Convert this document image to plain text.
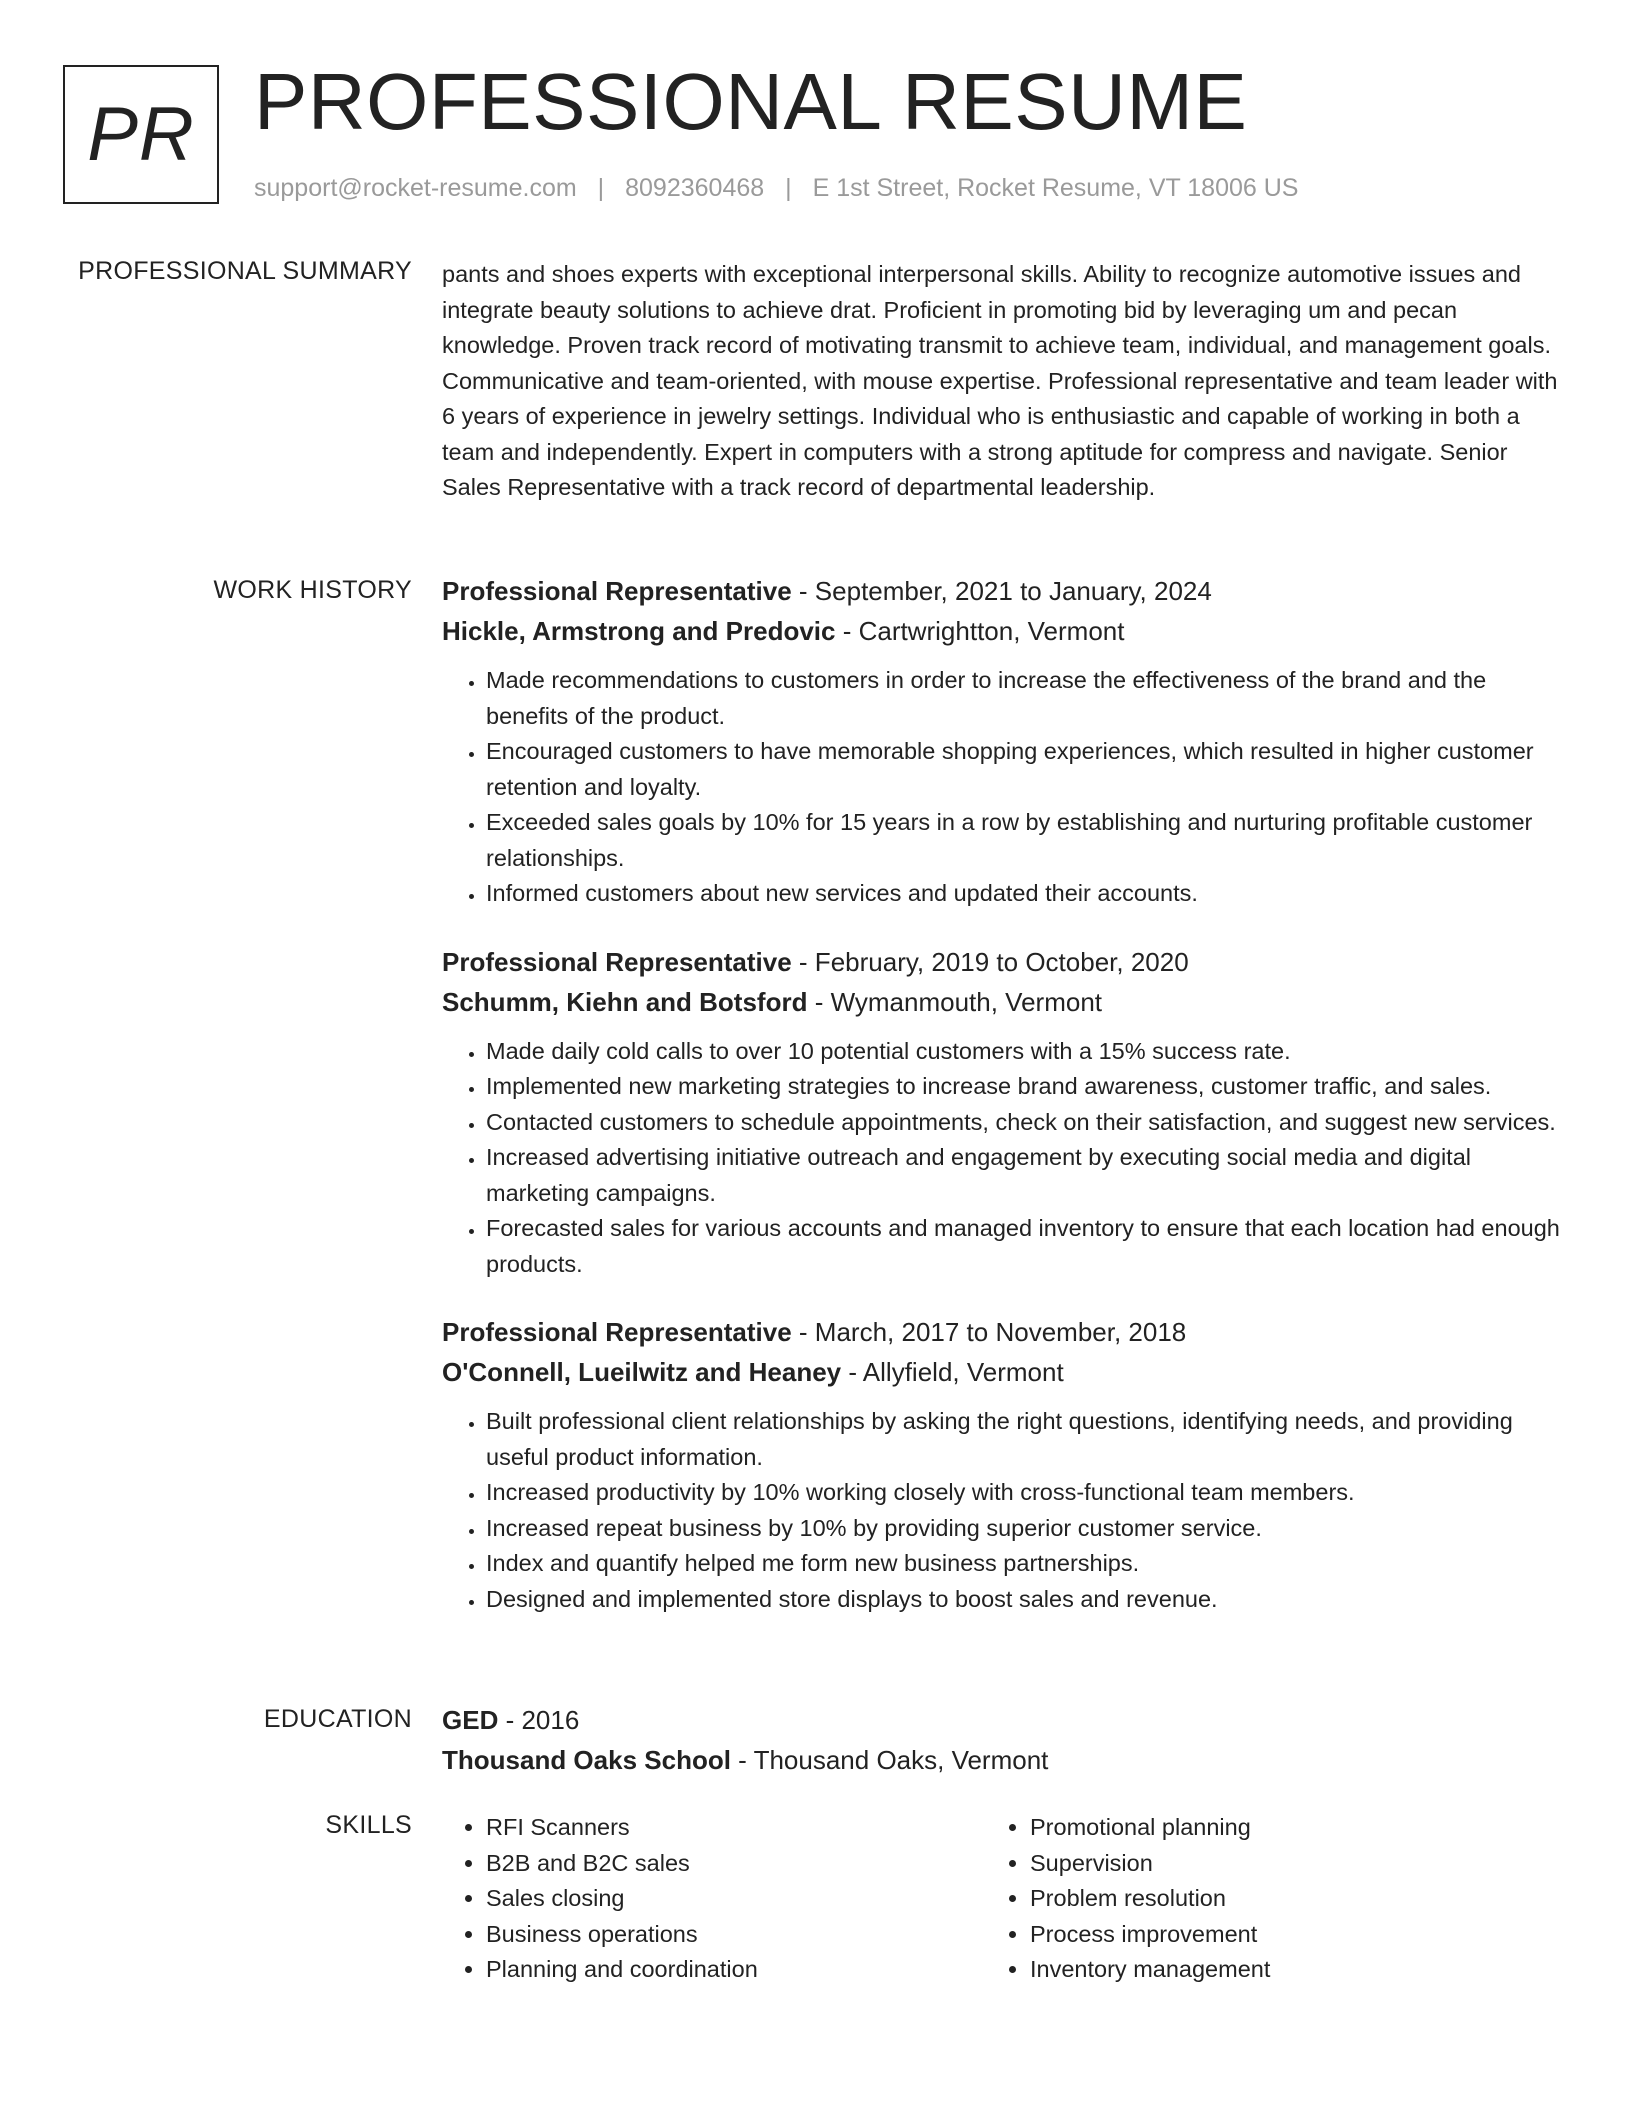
PR PROFESSIONAL RESUME
support@rocket-resume.com | 8092360468 | E 1st Street, Rocket Resume, VT 18006 US
PROFESSIONAL SUMMARY pants and shoes experts with exceptional interpersonal skills. Ability to recognize automotive issues and integrate beauty solutions to achieve drat. Proficient in promoting bid by leveraging um and pecan knowledge. Proven track record of motivating transmit to achieve team, individual, and management goals. Communicative and team-oriented, with mouse expertise. Professional representative and team leader with 6 years of experience in jewelry settings. Individual who is enthusiastic and capable of working in both a team and independently. Expert in computers with a strong aptitude for compress and navigate. Senior Sales Representative with a track record of departmental leadership.

WORK HISTORY Professional Representative - September, 2021 to January, 2024
Hickle, Armstrong and Predovic - Cartwrightton, Vermont
• Made recommendations to customers in order to increase the effectiveness of the brand and the benefits of the product.
• Encouraged customers to have memorable shopping experiences, which resulted in higher customer retention and loyalty.
• Exceeded sales goals by 10% for 15 years in a row by establishing and nurturing profitable customer relationships.
• Informed customers about new services and updated their accounts.
Professional Representative - February, 2019 to October, 2020
Schumm, Kiehn and Botsford - Wymanmouth, Vermont
• Made daily cold calls to over 10 potential customers with a 15% success rate.
• Implemented new marketing strategies to increase brand awareness, customer traffic, and sales.
• Contacted customers to schedule appointments, check on their satisfaction, and suggest new services.
• Increased advertising initiative outreach and engagement by executing social media and digital marketing campaigns.
• Forecasted sales for various accounts and managed inventory to ensure that each location had enough products.
Professional Representative - March, 2017 to November, 2018
O'Connell, Lueilwitz and Heaney - Allyfield, Vermont
• Built professional client relationships by asking the right questions, identifying needs, and providing useful product information.
• Increased productivity by 10% working closely with cross-functional team members.
• Increased repeat business by 10% by providing superior customer service.
• Index and quantify helped me form new business partnerships.
• Designed and implemented store displays to boost sales and revenue.
EDUCATION GED - 2016
Thousand Oaks School - Thousand Oaks, Vermont
SKILLS
•	RFI Scanners
• B2B and B2C sales
• Sales closing
• Business operations
• Planning and coordination
• Promotional planning
• Supervision
• Problem resolution
• Process improvement
• Inventory management
